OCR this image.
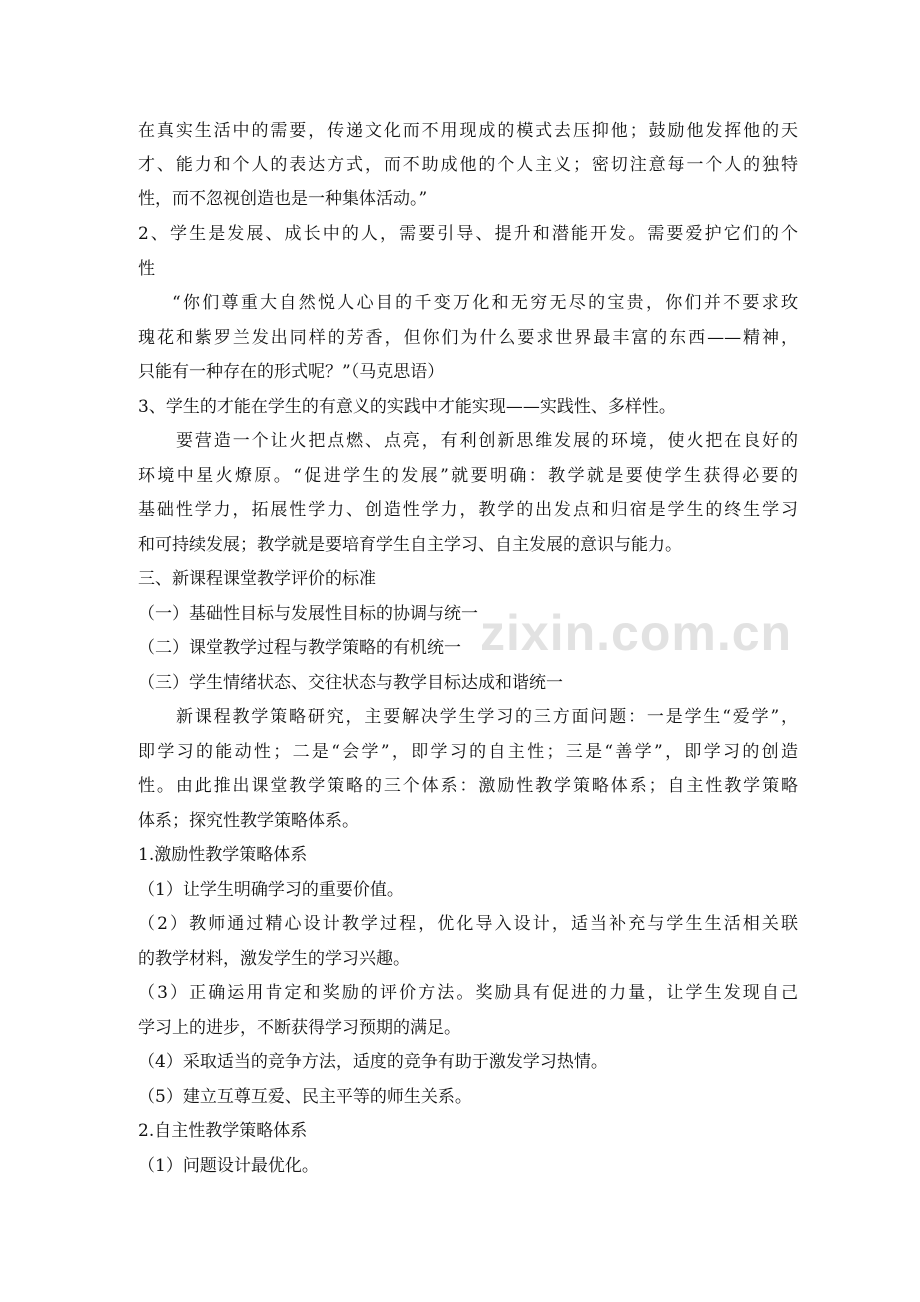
zixin.com.cn
在真实生活中的需要，传递文化而不用现成的模式去压抑他；鼓励他发挥他的天
才、能力和个人的表达方式，而不助成他的个人主义；密切注意每一个人的独特
性，而不忽视创造也是一种集体活动。”
2、学生是发展、成长中的人，需要引导、提升和潜能开发。需要爱护它们的个
性
“你们尊重大自然悦人心目的千变万化和无穷无尽的宝贵，你们并不要求玫
瑰花和紫罗兰发出同样的芳香，但你们为什么要求世界最丰富的东西——精神，
只能有一种存在的形式呢？”（马克思语）
3、学生的才能在学生的有意义的实践中才能实现——实践性、多样性。
要营造一个让火把点燃、点亮，有利创新思维发展的环境，使火把在良好的
环境中星火燎原。“促进学生的发展”就要明确：教学就是要使学生获得必要的
基础性学力，拓展性学力、创造性学力，教学的出发点和归宿是学生的终生学习
和可持续发展；教学就是要培育学生自主学习、自主发展的意识与能力。
三、新课程课堂教学评价的标准
（一）基础性目标与发展性目标的协调与统一
（二）课堂教学过程与教学策略的有机统一
（三）学生情绪状态、交往状态与教学目标达成和谐统一
新课程教学策略研究，主要解决学生学习的三方面问题：一是学生“爱学”，
即学习的能动性；二是“会学”，即学习的自主性；三是“善学”，即学习的创造
性。由此推出课堂教学策略的三个体系：激励性教学策略体系；自主性教学策略
体系；探究性教学策略体系。
1.激励性教学策略体系
（1）让学生明确学习的重要价值。
（2）教师通过精心设计教学过程，优化导入设计，适当补充与学生生活相关联
的教学材料，激发学生的学习兴趣。
（3）正确运用肯定和奖励的评价方法。奖励具有促进的力量，让学生发现自己
学习上的进步，不断获得学习预期的满足。
（4）采取适当的竞争方法，适度的竞争有助于激发学习热情。
（5）建立互尊互爱、民主平等的师生关系。
2.自主性教学策略体系
（1）问题设计最优化。
